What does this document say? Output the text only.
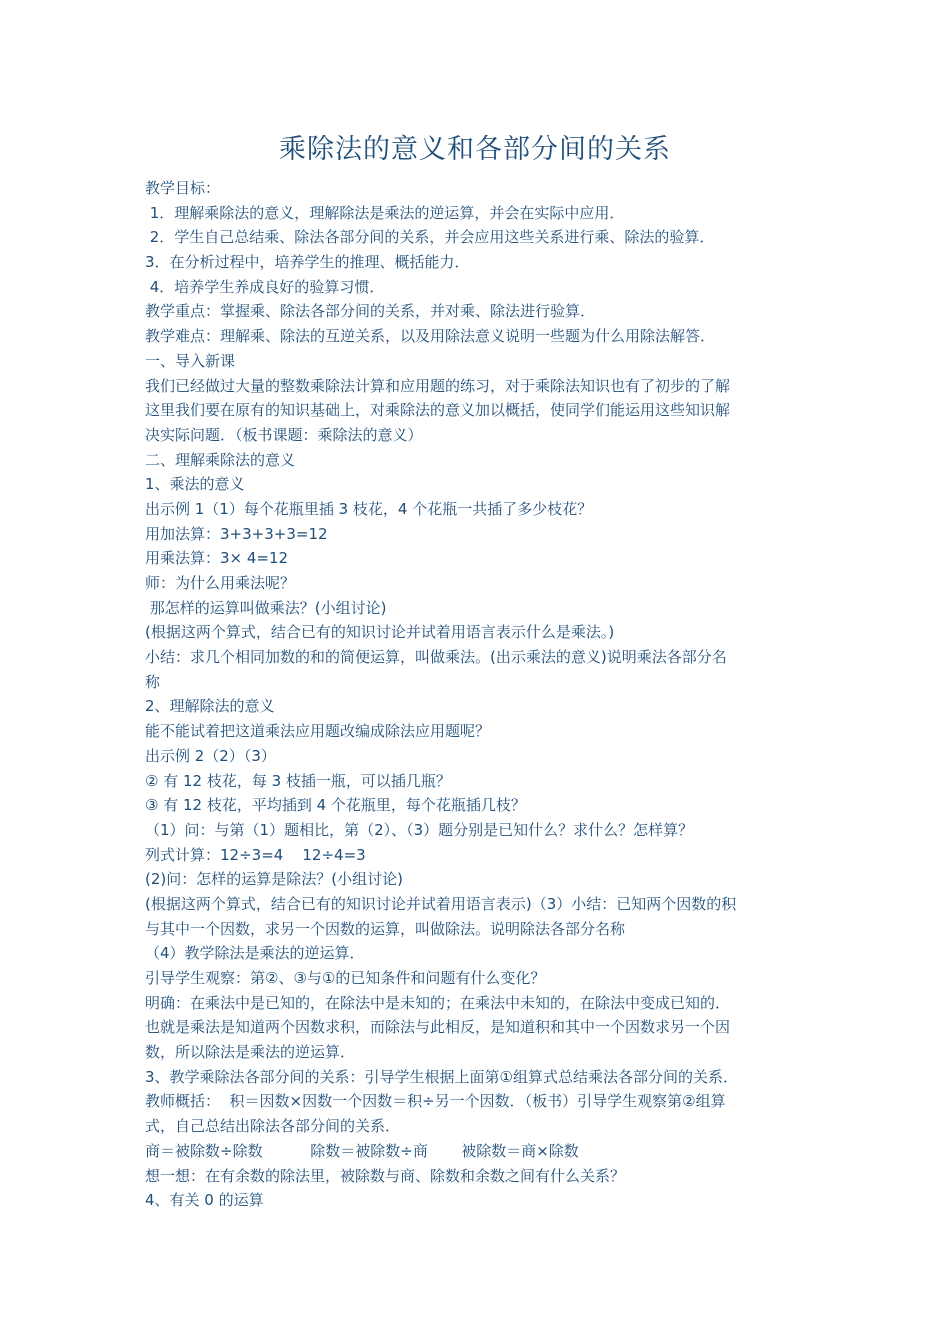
乘除法的意义和各部分间的关系
教学目标：
1．理解乘除法的意义，理解除法是乘法的逆运算，并会在实际中应用．
2．学生自己总结乘、除法各部分间的关系，并会应用这些关系进行乘、除法的验算．
3．在分析过程中，培养学生的推理、概括能力．
4．培养学生养成良好的验算习惯．
教学重点：掌握乘、除法各部分间的关系，并对乘、除法进行验算．
教学难点：理解乘、除法的互逆关系，以及用除法意义说明一些题为什么用除法解答．
一、导入新课
我们已经做过大量的整数乘除法计算和应用题的练习，对于乘除法知识也有了初步的了解
这里我们要在原有的知识基础上，对乘除法的意义加以概括，使同学们能运用这些知识解
决实际问题．（板书课题：乘除法的意义）
二、理解乘除法的意义
1、乘法的意义
出示例 1（1）每个花瓶里插 3 枝花，4 个花瓶一共插了多少枝花？
用加法算：3+3+3+3=12
用乘法算：3× 4=12
师：为什么用乘法呢？
那怎样的运算叫做乘法？(小组讨论)
(根据这两个算式，结合已有的知识讨论并试着用语言表示什么是乘法。)
小结：求几个相同加数的和的简便运算，叫做乘法。(出示乘法的意义)说明乘法各部分名
称
2、理解除法的意义
能不能试着把这道乘法应用题改编成除法应用题呢？
出示例 2（2）（3）
② 有 12 枝花，每 3 枝插一瓶，可以插几瓶？
③ 有 12 枝花，平均插到 4 个花瓶里，每个花瓶插几枝？
（1）问：与第（1）题相比，第（2）、（3）题分别是已知什么？求什么？怎样算？
列式计算：12÷3=4    12÷4=3
(2)问：怎样的运算是除法？(小组讨论)
(根据这两个算式，结合已有的知识讨论并试着用语言表示)（3）小结：已知两个因数的积
与其中一个因数，求另一个因数的运算，叫做除法。说明除法各部分名称
（4）教学除法是乘法的逆运算．
引导学生观察：第②、③与①的已知条件和问题有什么变化？
明确：在乘法中是已知的，在除法中是未知的；在乘法中未知的，在除法中变成已知的．
也就是乘法是知道两个因数求积，而除法与此相反，是知道积和其中一个因数求另一个因
数，所以除法是乘法的逆运算．
3、教学乘除法各部分间的关系：引导学生根据上面第①组算式总结乘法各部分间的关系．
教师概括：  积＝因数×因数一个因数＝积÷另一个因数．（板书）引导学生观察第②组算
式，自己总结出除法各部分间的关系．
商＝被除数÷除数          除数＝被除数÷商       被除数＝商×除数
想一想：在有余数的除法里，被除数与商、除数和余数之间有什么关系？
4、有关 0 的运算
